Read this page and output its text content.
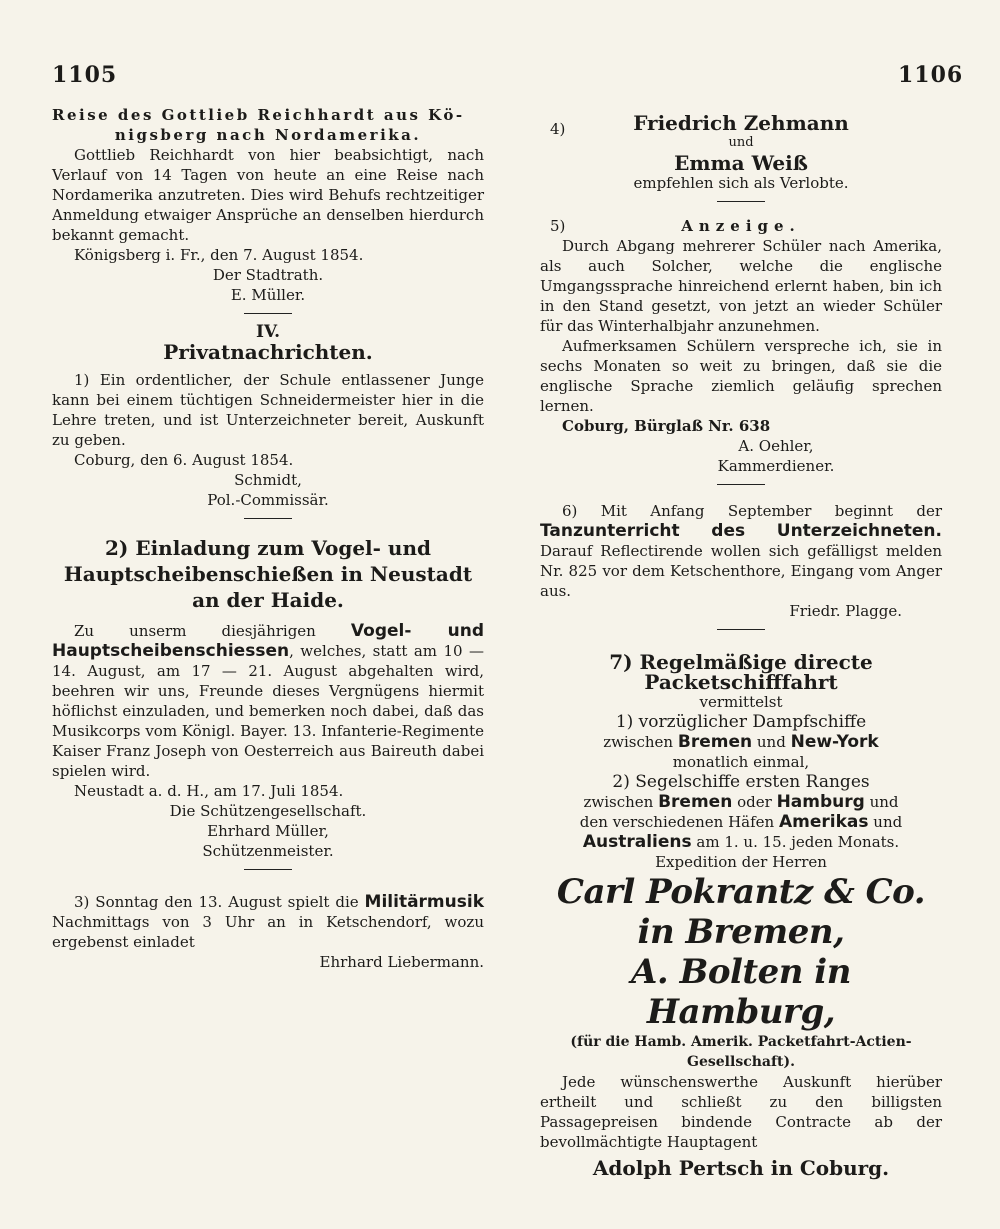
1105	1106

Reise des Gottlieb Reichhardt aus Kö-

nigsberg nach Nordamerika.

Gottlieb Reichhardt von hier beabsichtigt, nach Verlauf von 14 Tagen von heute an eine Reise nach Nordamerika anzutreten. Dies wird Behufs rechtzeitiger Anmeldung etwaiger Ansprüche an denselben hierdurch bekannt gemacht.

Königsberg i. Fr., den 7. August 1854.

Der Stadtrath.

E. Müller.

IV.

Privatnachrichten.

1) Ein ordentlicher, der Schule entlassener Junge kann bei einem tüchtigen Schneidermeister hier in die Lehre treten, und ist Unterzeichneter bereit, Auskunft zu geben.

Coburg, den 6. August 1854.

Schmidt,

Pol.-Commissär.

2) Einladung zum Vogel- und Hauptscheibenschießen in Neustadt an der Haide.

Zu unserm diesjährigen Vogel- und Hauptscheibenschiessen, welches, statt am 10 — 14. August, am 17 — 21. August abgehalten wird, beehren wir uns, Freunde dieses Vergnügens hiermit höflichst einzuladen, und bemerken noch dabei, daß das Musikcorps vom Königl. Bayer. 13. Infanterie-Regimente Kaiser Franz Joseph von Oesterreich aus Baireuth dabei spielen wird.

Neustadt a. d. H., am 17. Juli 1854.

Die Schützengesellschaft.

Ehrhard Müller,

Schützenmeister.

3) Sonntag den 13. August spielt die Militärmusik Nachmittags von 3 Uhr an in Ketschendorf, wozu ergebenst einladet

Ehrhard Liebermann.

4)	Friedrich Zehmann

und

Emma Weiß

empfehlen sich als Verlobte.

5)	Anzeige.

Durch Abgang mehrerer Schüler nach Amerika, als auch Solcher, welche die englische Umgangssprache hinreichend erlernt haben, bin ich in den Stand gesetzt, von jetzt an wieder Schüler für das Winterhalbjahr anzunehmen.

Aufmerksamen Schülern verspreche ich, sie in sechs Monaten so weit zu bringen, daß sie die englische Sprache ziemlich geläufig sprechen lernen.

Coburg, Bürglaß Nr. 638

A. Oehler,

Kammerdiener.

6) Mit Anfang September beginnt der Tanzunterricht des Unterzeichneten. Darauf Reflectirende wollen sich gefälligst melden Nr. 825 vor dem Ketschenthore, Eingang vom Anger aus.

Friedr. Plagge.

7) Regelmäßige directe Packetschifffahrt

vermittelst

1) vorzüglicher Dampfschiffe

zwischen Bremen und New-York

monatlich einmal,

2) Segelschiffe ersten Ranges

zwischen Bremen oder Hamburg und

den verschiedenen Häfen Amerikas und

Australiens am 1. u. 15. jeden Monats.

Expedition der Herren

Carl Pokrantz & Co. in Bremen,

A. Bolten in Hamburg,

(für die Hamb. Amerik. Packetfahrt-Actien-Gesellschaft).

Jede wünschenswerthe Auskunft hierüber ertheilt und schließt zu den billigsten Passagepreisen bindende Contracte ab der bevollmächtigte Hauptagent

Adolph Pertsch in Coburg.
